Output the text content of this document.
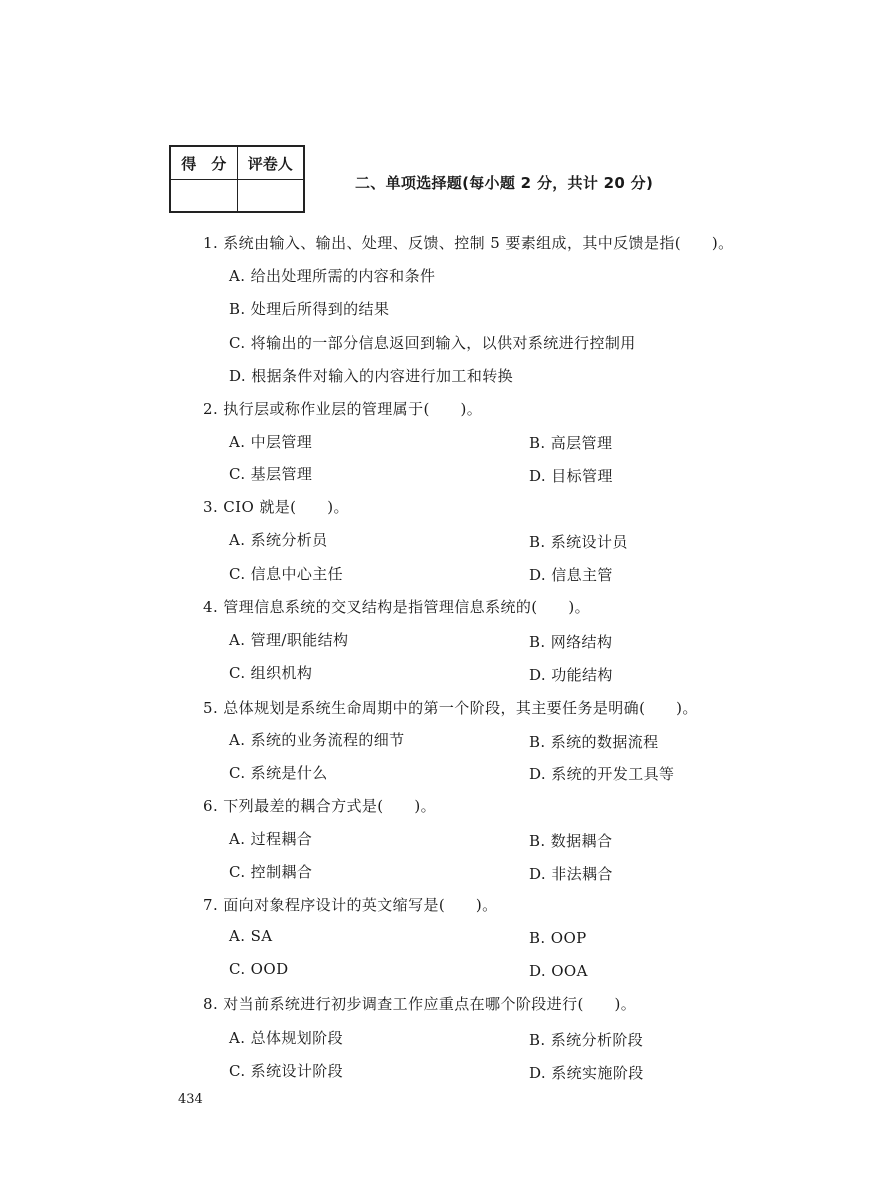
得　分	评卷人

二、单项选择题(每小题 2 分，共计 20 分)
1. 系统由输入、输出、处理、反馈、控制 5 要素组成，其中反馈是指(　　)。
A. 给出处理所需的内容和条件
B. 处理后所得到的结果
C. 将输出的一部分信息返回到输入，以供对系统进行控制用
D. 根据条件对输入的内容进行加工和转换
2. 执行层或称作业层的管理属于(　　)。
A. 中层管理	B. 高层管理
C. 基层管理	D. 目标管理
3. CIO 就是(　　)。
A. 系统分析员	B. 系统设计员
C. 信息中心主任	D. 信息主管
4. 管理信息系统的交叉结构是指管理信息系统的(　　)。
A. 管理/职能结构	B. 网络结构
C. 组织机构	D. 功能结构
5. 总体规划是系统生命周期中的第一个阶段，其主要任务是明确(　　)。
A. 系统的业务流程的细节	B. 系统的数据流程
C. 系统是什么	D. 系统的开发工具等
6. 下列最差的耦合方式是(　　)。
A. 过程耦合	B. 数据耦合
C. 控制耦合	D. 非法耦合
7. 面向对象程序设计的英文缩写是(　　)。
A. SA	B. OOP
C. OOD	D. OOA
8. 对当前系统进行初步调查工作应重点在哪个阶段进行(　　)。
A. 总体规划阶段	B. 系统分析阶段
C. 系统设计阶段	D. 系统实施阶段
434
